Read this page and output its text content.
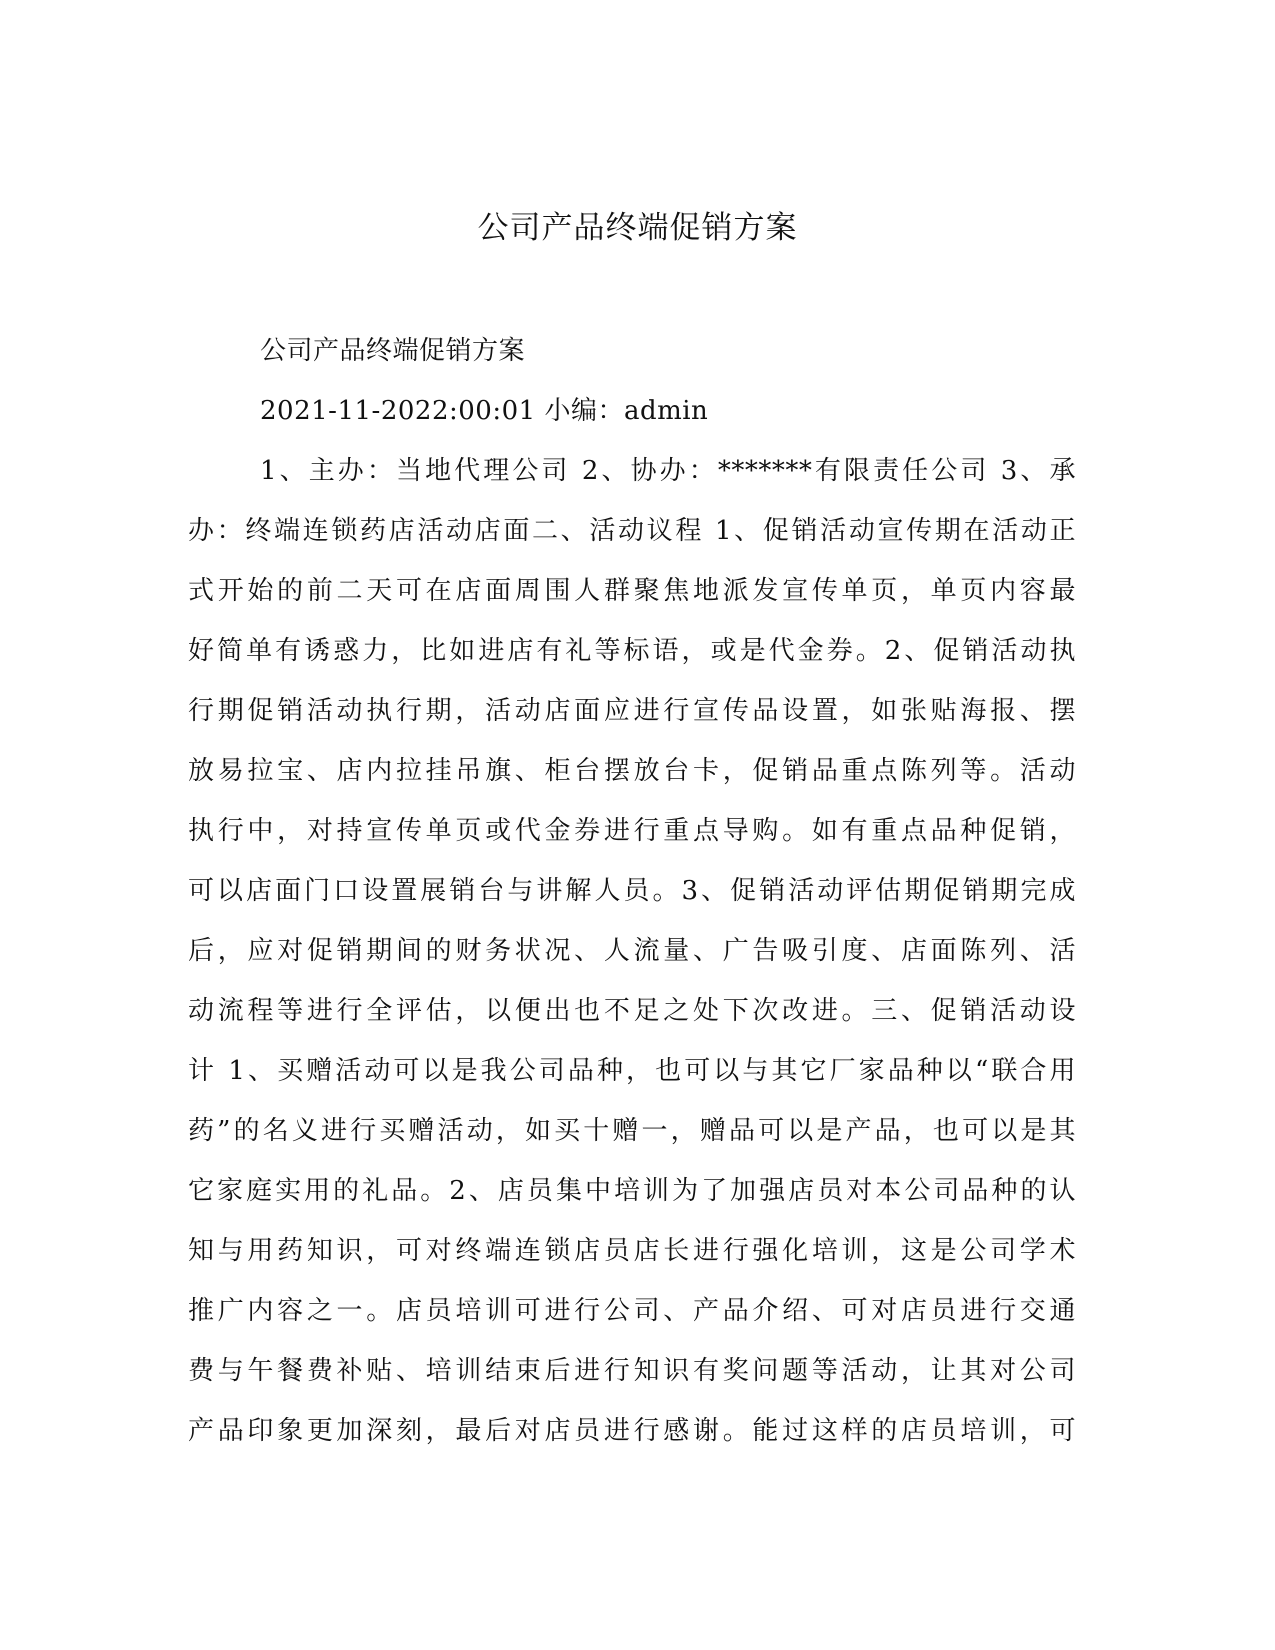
公司产品终端促销方案
公司产品终端促销方案
2021-11-2022:00:01 小编：admin
1、主办：当地代理公司 2、协办：*******有限责任公司 3、承
办：终端连锁药店活动店面二、活动议程 1、促销活动宣传期在活动正
式开始的前二天可在店面周围人群聚焦地派发宣传单页，单页内容最
好简单有诱惑力，比如进店有礼等标语，或是代金券。2、促销活动执
行期促销活动执行期，活动店面应进行宣传品设置，如张贴海报、摆
放易拉宝、店内拉挂吊旗、柜台摆放台卡，促销品重点陈列等。活动
执行中，对持宣传单页或代金券进行重点导购。如有重点品种促销，
可以店面门口设置展销台与讲解人员。3、促销活动评估期促销期完成
后，应对促销期间的财务状况、人流量、广告吸引度、店面陈列、活
动流程等进行全评估，以便出也不足之处下次改进。三、促销活动设
计 1、买赠活动可以是我公司品种，也可以与其它厂家品种以“联合用
药”的名义进行买赠活动，如买十赠一，赠品可以是产品，也可以是其
它家庭实用的礼品。2、店员集中培训为了加强店员对本公司品种的认
知与用药知识，可对终端连锁店员店长进行强化培训，这是公司学术
推广内容之一。店员培训可进行公司、产品介绍、可对店员进行交通
费与午餐费补贴、培训结束后进行知识有奖问题等活动，让其对公司
产品印象更加深刻，最后对店员进行感谢。能过这样的店员培训，可
